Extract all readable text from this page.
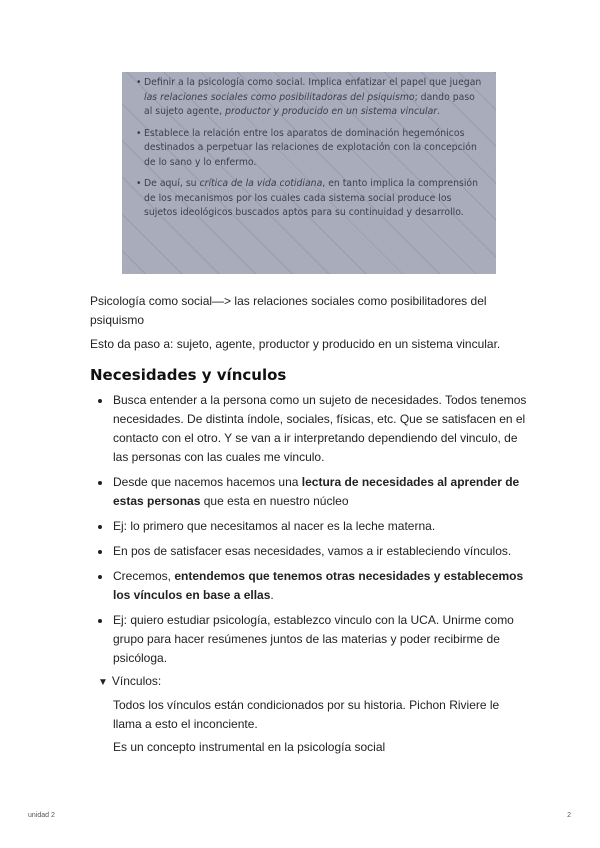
• Definir a la psicología como social. Implica enfatizar el papel que juegan las relaciones sociales como posibilitadoras del psiquismo; dando paso al sujeto agente, productor y producido en un sistema vincular.

• Establece la relación entre los aparatos de dominación hegemónicos destinados a perpetuar las relaciones de explotación con la concepción de lo sano y lo enfermo.

• De aquí, su crítica de la vida cotidiana, en tanto implica la comprensión de los mecanismos por los cuales cada sistema social produce los sujetos ideológicos buscados aptos para su continuidad y desarrollo.

Psicología como social—> las relaciones sociales como posibilitadores del psiquismo

Esto da paso a: sujeto, agente, productor y producido en un sistema vincular.

Necesidades y vínculos
Busca entender a la persona como un sujeto de necesidades. Todos tenemos necesidades. De distinta índole, sociales, físicas, etc. Que se satisfacen en el contacto con el otro. Y se van a ir interpretando dependiendo del vinculo, de las personas con las cuales me vinculo.
Desde que nacemos hacemos una lectura de necesidades al aprender de estas personas que esta en nuestro núcleo
Ej: lo primero que necesitamos al nacer es la leche materna.
En pos de satisfacer esas necesidades, vamos a ir estableciendo vínculos.
Crecemos, entendemos que tenemos otras necesidades y establecemos los vínculos en base a ellas.
Ej: quiero estudiar psicología, establezco vinculo con la UCA. Unirme como grupo para hacer resúmenes juntos de las materias y poder recibirme de psicóloga.
▼ Vínculos:

Todos los vínculos están condicionados por su historia. Pichon Riviere le llama a esto el inconciente.

Es un concepto instrumental en la psicología social

unidad 2	2
